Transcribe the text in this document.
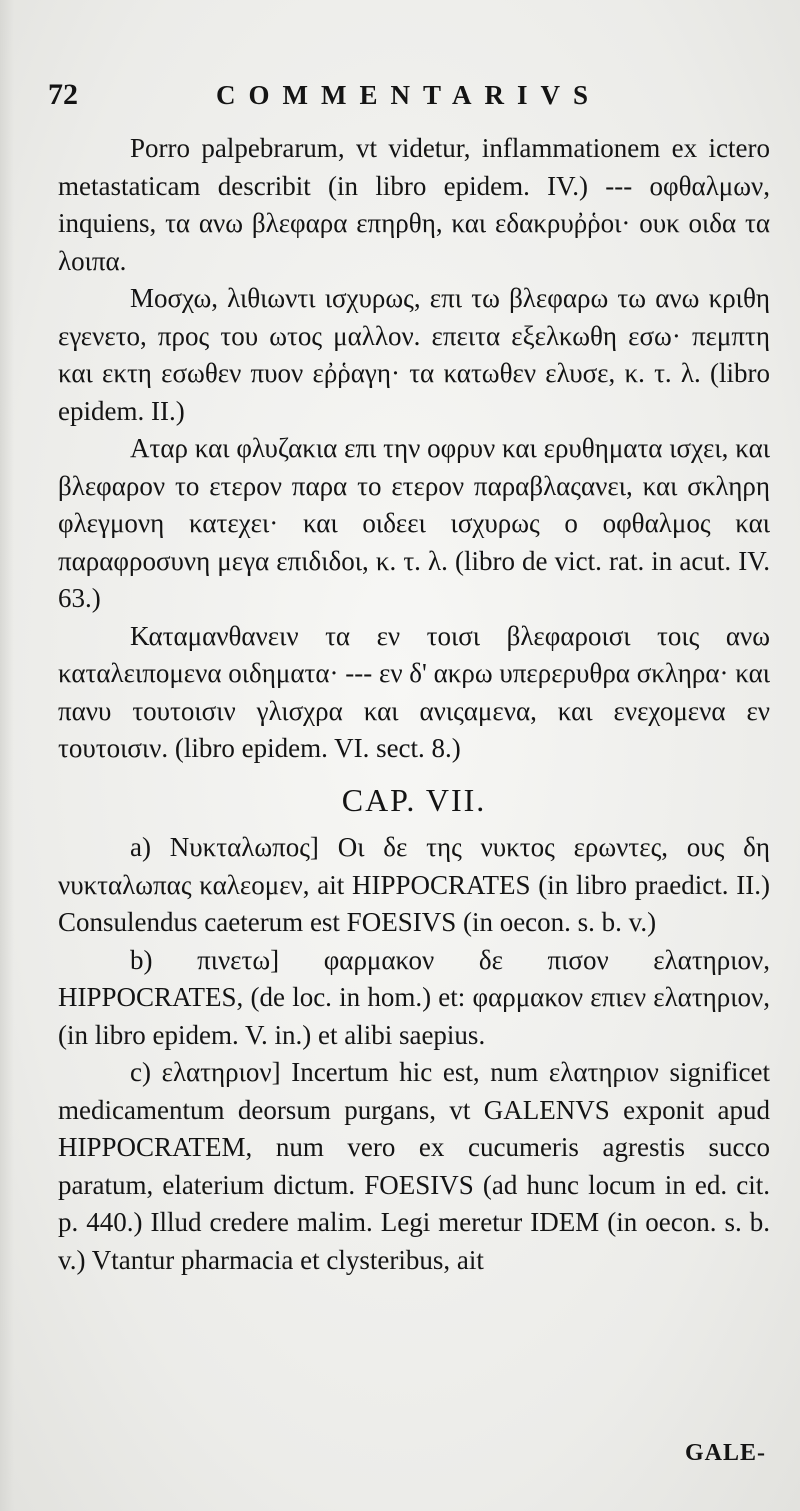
72	COMMENTARIVS

Porro palpebrarum, vt videtur, inflammationem ex ictero metastaticam describit (in libro epidem. IV.) --- οφθαλμων, inquiens, τα ανω βλεφαρα επηρθη, και εδακρυῤῥοι· ουκ οιδα τα λοιπα.

Μοσχω, λιθιωντι ισχυρως, επι τω βλεφαρω τω ανω κριθη εγενετο, προς του ωτος μαλλον. επειτα εξελκωθη εσω· πεμπτη και εκτη εσωθεν πυον εῤῥαγη· τα κατωθεν ελυσε, κ. τ. λ. (libro epidem. II.)

Αταρ και φλυζακια επι την οφρυν και ερυθηματα ισχει, και βλεφαρον το ετερον παρα το ετερον παραβλαςανει, και σκληρη φλεγμονη κατεχει· και οιδεει ισχυρως ο οφθαλμος και παραφροσυνη μεγα επιδιδοι, κ. τ. λ. (libro de vict. rat. in acut. IV. 63.)

Καταμανθανειν τα εν τοισι βλεφαροισι τοις ανω καταλειπομενα οιδηματα· --- εν δ' ακρω υπερερυθρα σκληρα· και πανυ τουτοισιν γλισχρα και ανιςαμενα, και ενεχομενα εν τουτοισιν. (libro epidem. VI. sect. 8.)

CAP. VII.

a) Νυκταλωπος] Οι δε της νυκτος ερωντες, ους δη νυκταλωπας καλεομεν, ait HIPPOCRATES (in libro praedict. II.) Consulendus caeterum est FOESIVS (in oecon. s. b. v.)

b) πινετω] φαρμακον δε πισον ελατηριον, HIPPOCRATES, (de loc. in hom.) et: φαρμακον επιεν ελατηριον, (in libro epidem. V. in.) et alibi saepius.

c) ελατηριον] Incertum hic est, num ελατηριον significet medicamentum deorsum purgans, vt GALENVS exponit apud HIPPOCRATEM, num vero ex cucumeris agrestis succo paratum, elaterium dictum. FOESIVS (ad hunc locum in ed. cit. p. 440.) Illud credere malim. Legi meretur IDEM (in oecon. s. b. v.) Vtantur pharmacia et clysteribus, ait

GALE-
